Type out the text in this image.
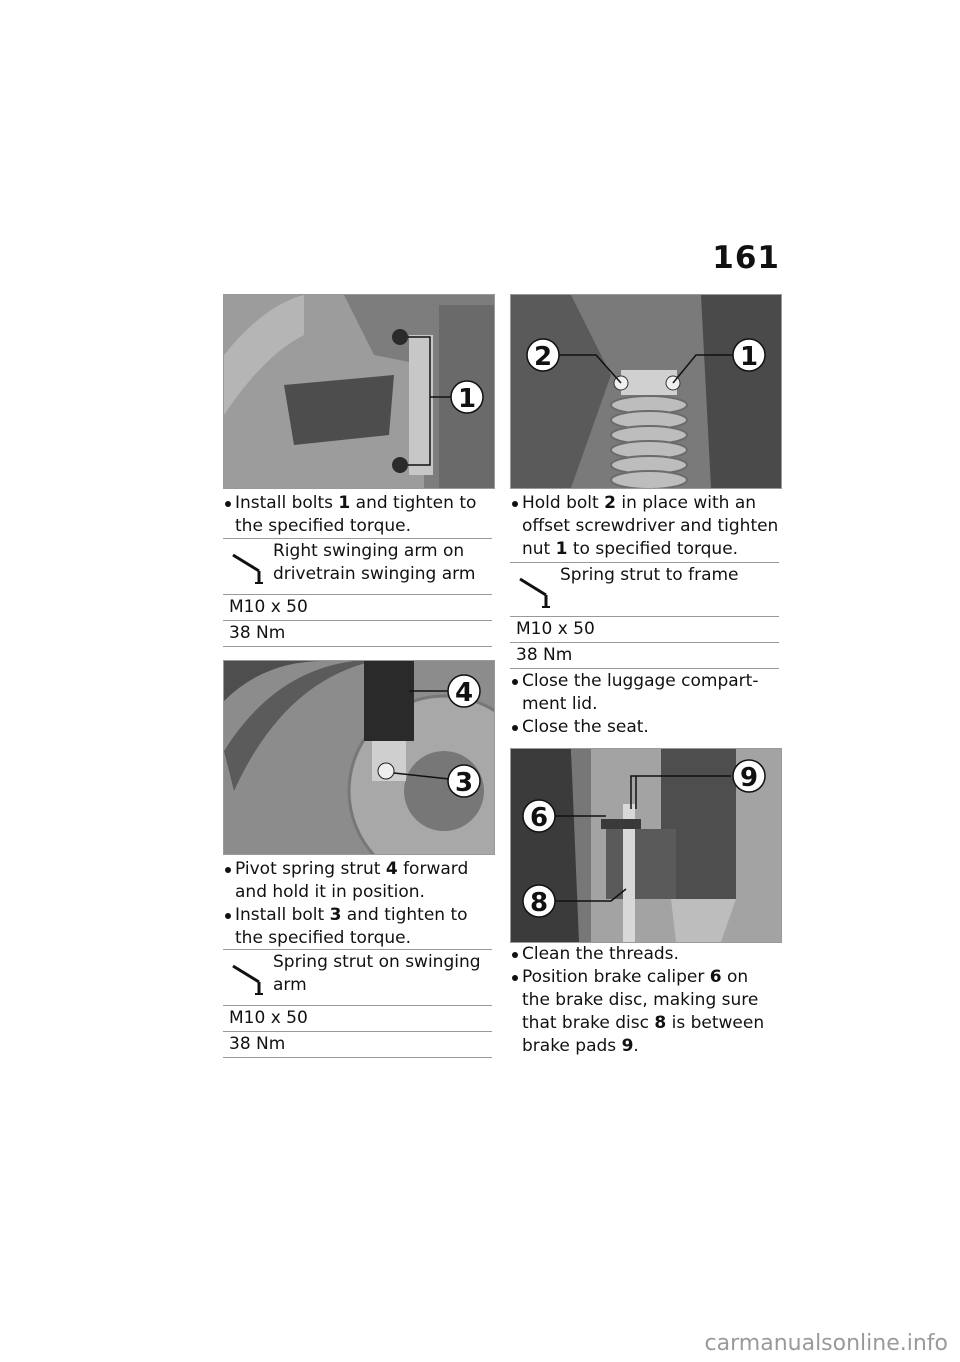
161
1
2	1
4
3	9
6
8
Install bolts 1 and tighten to the specified torque.
Right swinging arm on drivetrain swinging arm
M10 x 50
38 Nm
Pivot spring strut 4 forward and hold it in position.
Install bolt 3 and tighten to the specified torque.
Spring strut on swinging arm
M10 x 50
38 Nm
Hold bolt 2 in place with an offset screwdriver and tighten nut 1 to specified torque.
Spring strut to frame
M10 x 50
38 Nm
Close the luggage compart-ment lid.
Close the seat.
Clean the threads.
Position brake caliper 6 on the brake disc, making sure that brake disc 8 is between brake pads 9.
carmanualsonline.info
